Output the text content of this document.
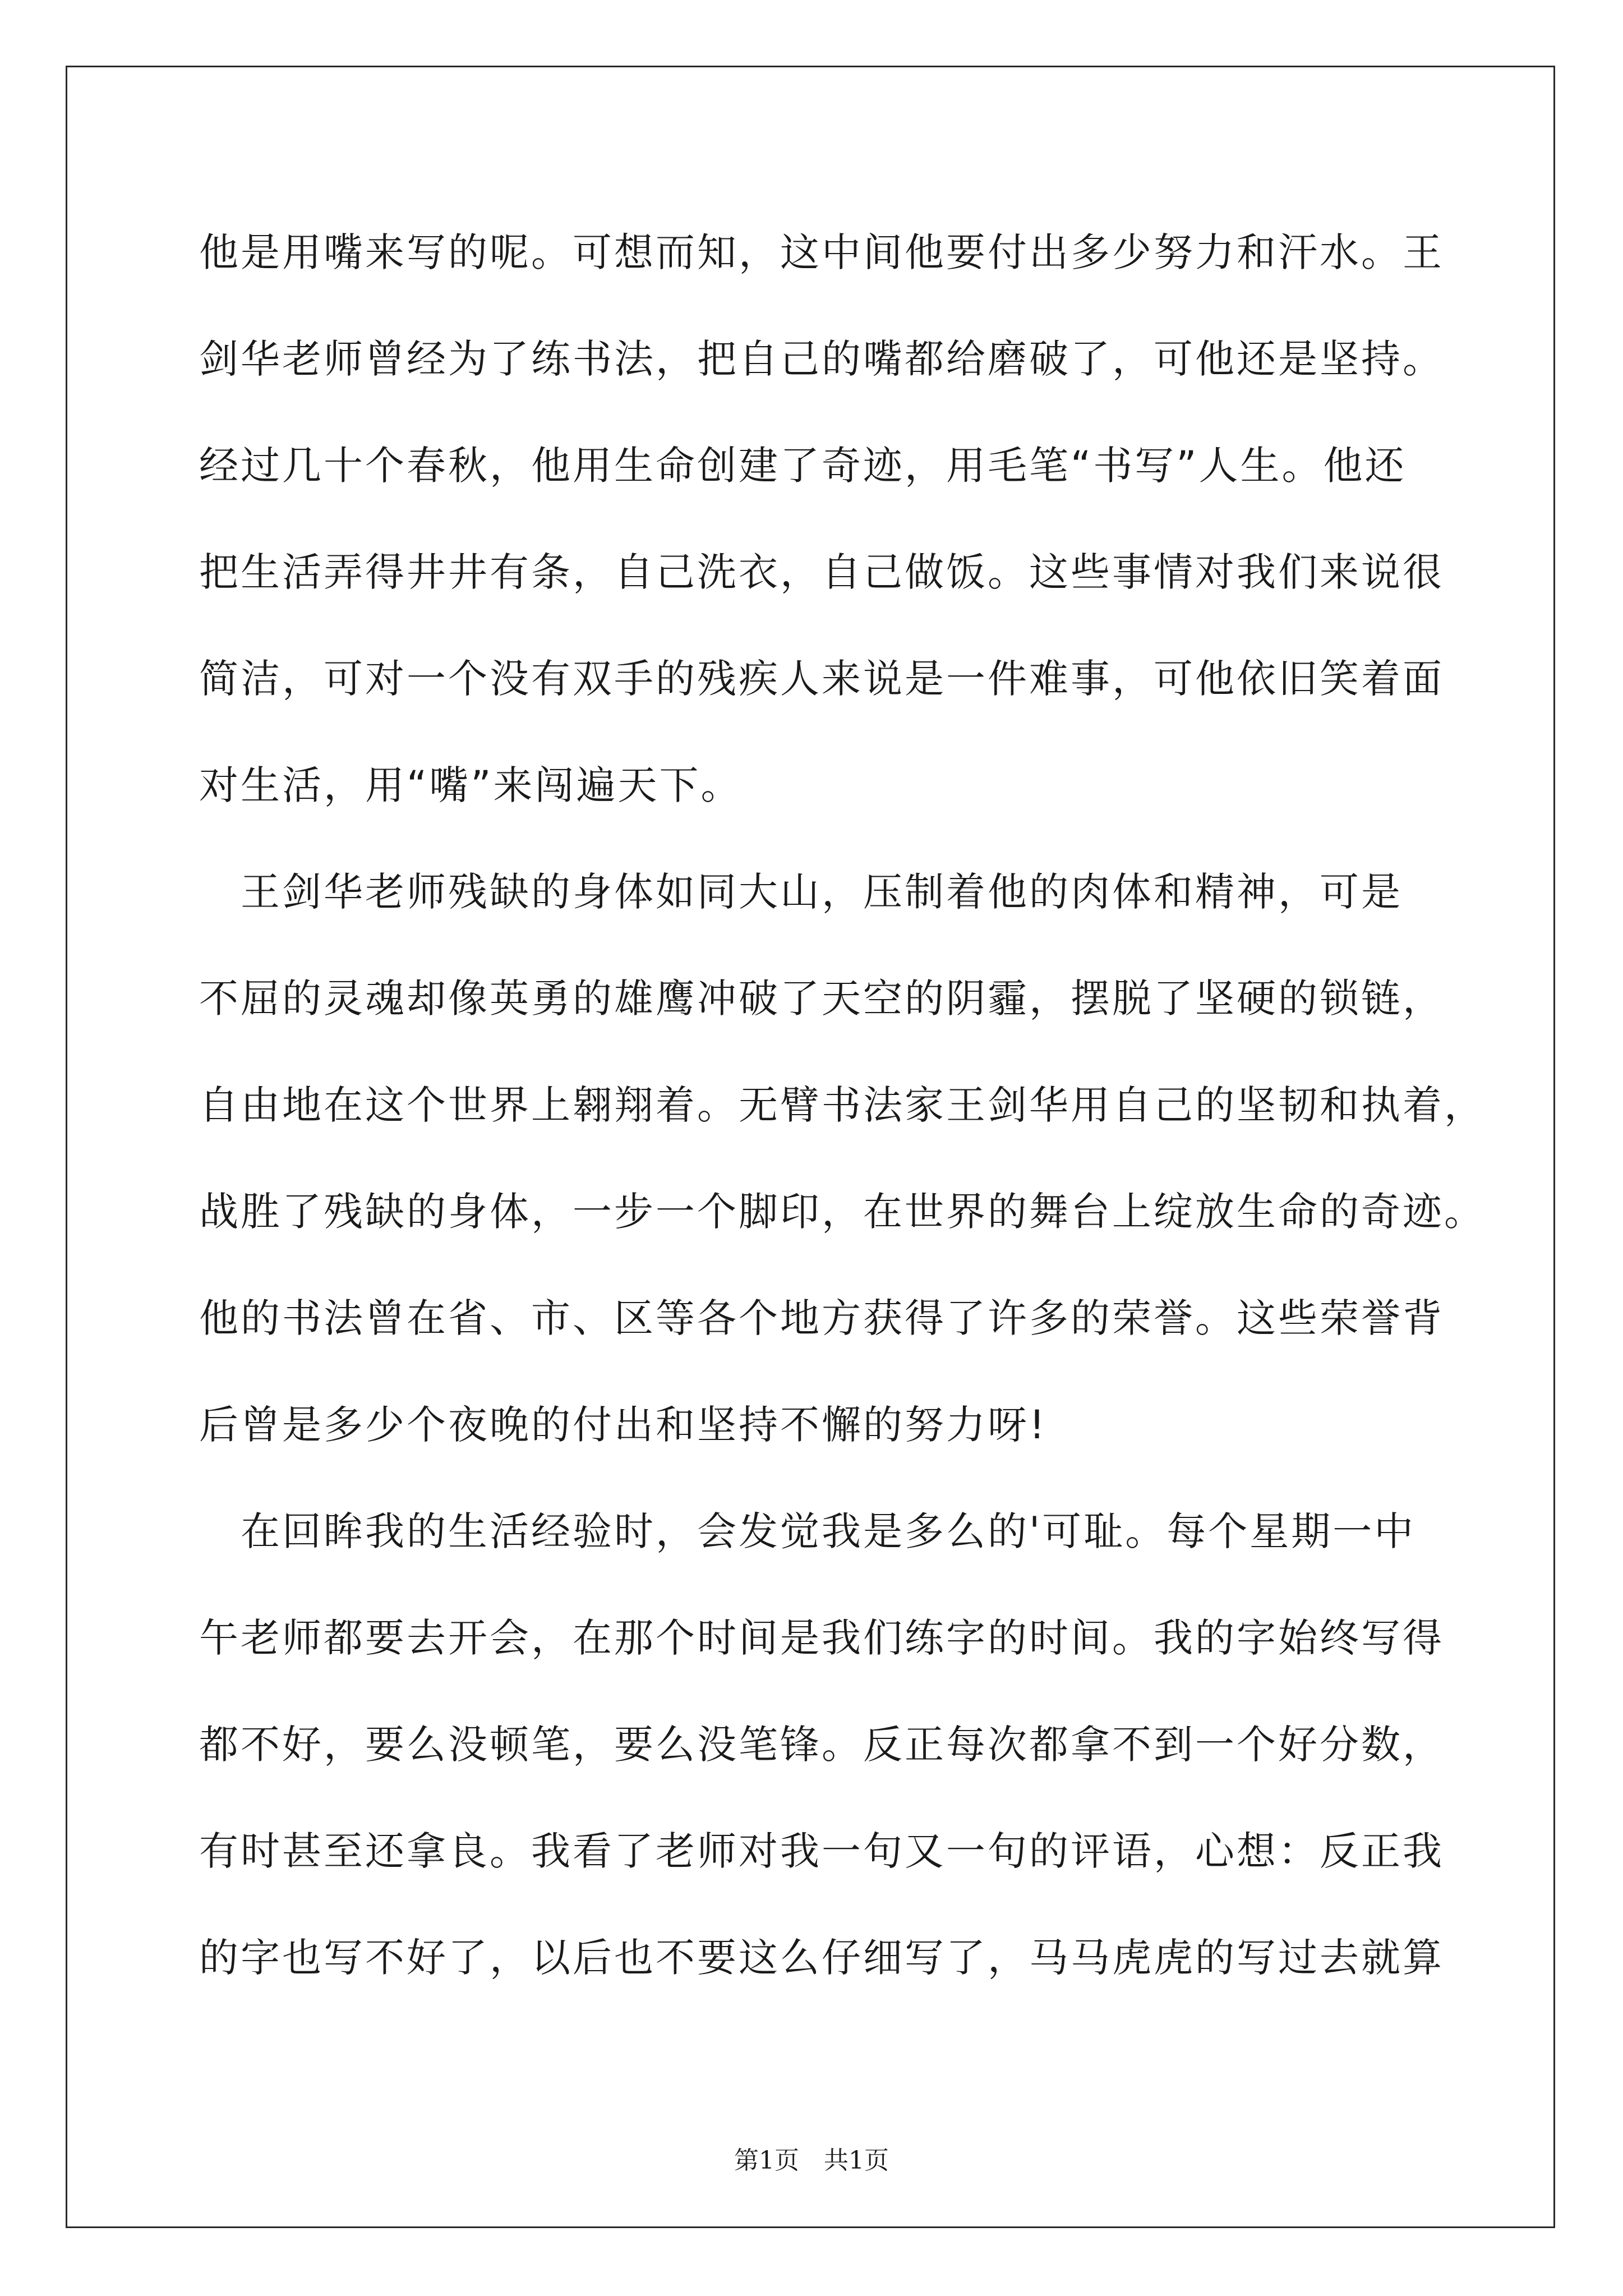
他是用嘴来写的呢。可想而知，这中间他要付出多少努力和汗水。王
剑华老师曾经为了练书法，把自己的嘴都给磨破了，可他还是坚持。
经过几十个春秋，他用生命创建了奇迹，用毛笔“书写”人生。他还
把生活弄得井井有条，自己洗衣，自己做饭。这些事情对我们来说很
简洁，可对一个没有双手的残疾人来说是一件难事，可他依旧笑着面
对生活，用“嘴”来闯遍天下。
　王剑华老师残缺的身体如同大山，压制着他的肉体和精神，可是
不屈的灵魂却像英勇的雄鹰冲破了天空的阴霾，摆脱了坚硬的锁链，
自由地在这个世界上翱翔着。无臂书法家王剑华用自己的坚韧和执着，
战胜了残缺的身体，一步一个脚印，在世界的舞台上绽放生命的奇迹。
他的书法曾在省、市、区等各个地方获得了许多的荣誉。这些荣誉背
后曾是多少个夜晚的付出和坚持不懈的努力呀!
　在回眸我的生活经验时，会发觉我是多么的'可耻。每个星期一中
午老师都要去开会，在那个时间是我们练字的时间。我的字始终写得
都不好，要么没顿笔，要么没笔锋。反正每次都拿不到一个好分数，
有时甚至还拿良。我看了老师对我一句又一句的评语，心想：反正我
的字也写不好了，以后也不要这么仔细写了，马马虎虎的写过去就算
第1页　共1页
